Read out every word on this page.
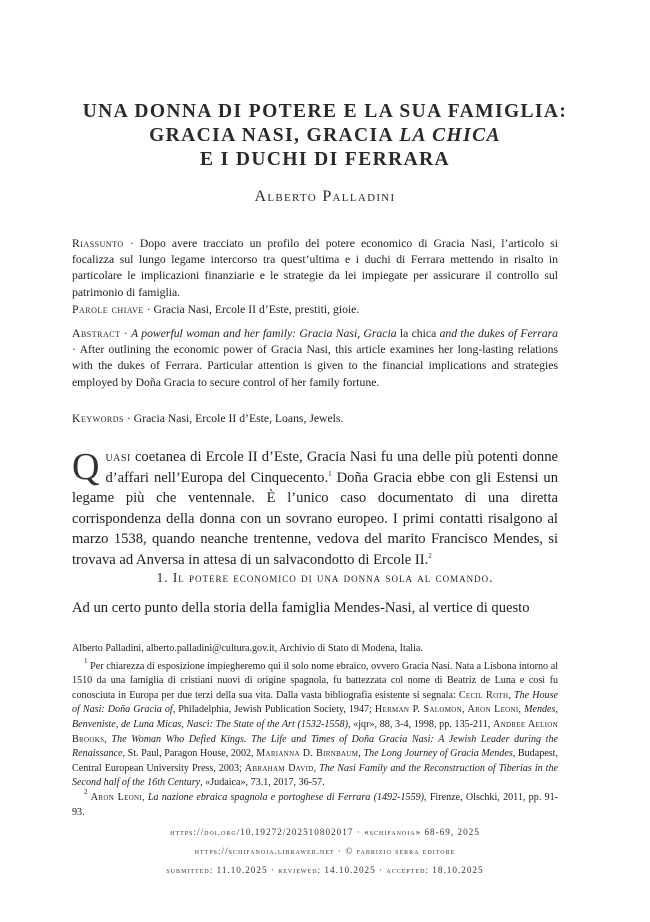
UNA DONNA DI POTERE E LA SUA FAMIGLIA:
GRACIA NASI, GRACIA LA CHICA
E I DUCHI DI FERRARA
Alberto Palladini

Riassunto · Dopo avere tracciato un profilo del potere economico di Gracia Nasi, l’articolo si focalizza sul lungo legame intercorso tra quest’ultima e i duchi di Ferrara mettendo in risalto in particolare le implicazioni finanziarie e le strategie da lei impiegate per assicurare il controllo sul patrimonio di famiglia.

Parole chiave · Gracia Nasi, Ercole II d’Este, prestiti, gioie.

Abstract · A powerful woman and her family: Gracia Nasi, Gracia la chica and the dukes of Ferrara · After outlining the economic power of Gracia Nasi, this article examines her long-lasting relations with the dukes of Ferrara. Particular attention is given to the financial implications and strategies employed by Doña Gracia to secure control of her family fortune.

Keywords · Gracia Nasi, Ercole II d’Este, Loans, Jewels.

Quasi coetanea di Ercole II d’Este, Gracia Nasi fu una delle più potenti donne d’affari nell’Europa del Cinquecento.$^1$ Doña Gracia ebbe con gli Estensi un legame più che ventennale. È l’unico caso documentato di una diretta corrispondenza della donna con un sovrano europeo. I primi contatti risalgono al marzo 1538, quando neanche trentenne, vedova del marito Francisco Mendes, si trovava ad Anversa in attesa di un salvacondotto di Ercole II.$^2$

1. Il potere economico di una donna sola al comando.

Ad un certo punto della storia della famiglia Mendes-Nasi, al vertice di questo

Alberto Palladini, alberto.palladini@cultura.gov.it, Archivio di Stato di Modena, Italia.

$^1$ Per chiarezza di esposizione impiegheremo qui il solo nome ebraico, ovvero Gracia Nasi. Nata a Lisbona intorno al 1510 da una famiglia di cristiani nuovi di origine spagnola, fu battezzata col nome di Beatriz de Luna e così fu conosciuta in Europa per due terzi della sua vita. Dalla vasta bibliografia esistente si segnala: Cecil Roth, The House of Nasi: Doña Gracia of, Philadelphia, Jewish Publication Society, 1947; Herman P. Salomon, Aron Leoni, Mendes, Benveniste, de Luna Micas, Nasci: The State of the Art (1532-1558), «jqr», 88, 3-4, 1998, pp. 135-211, Andree Aelion Brooks, The Woman Who Defied Kings. The Life and Times of Doña Gracia Nasi: A Jewish Leader during the Renaissance, St. Paul, Paragon House, 2002, Marianna D. Birnbaum, The Long Journey of Gracia Mendes, Budapest, Central European University Press, 2003; Abraham David, The Nasi Family and the Reconstruction of Tiberias in the Second half of the 16th Century, «Judaica», 73.1, 2017, 36-57.

$^2$ Aron Leoni, La nazione ebraica spagnola e portoghese di Ferrara (1492-1559), Firenze, Olschki, 2011, pp. 91-93.

https://doi.org/10.19272/202510802017 · «schifanoia» 68-69, 2025
https://schifanoia.librawer.net · © fabrizio serra editore
submitted: 11.10.2025 · reviewed: 14.10.2025 · accepted: 18.10.2025
